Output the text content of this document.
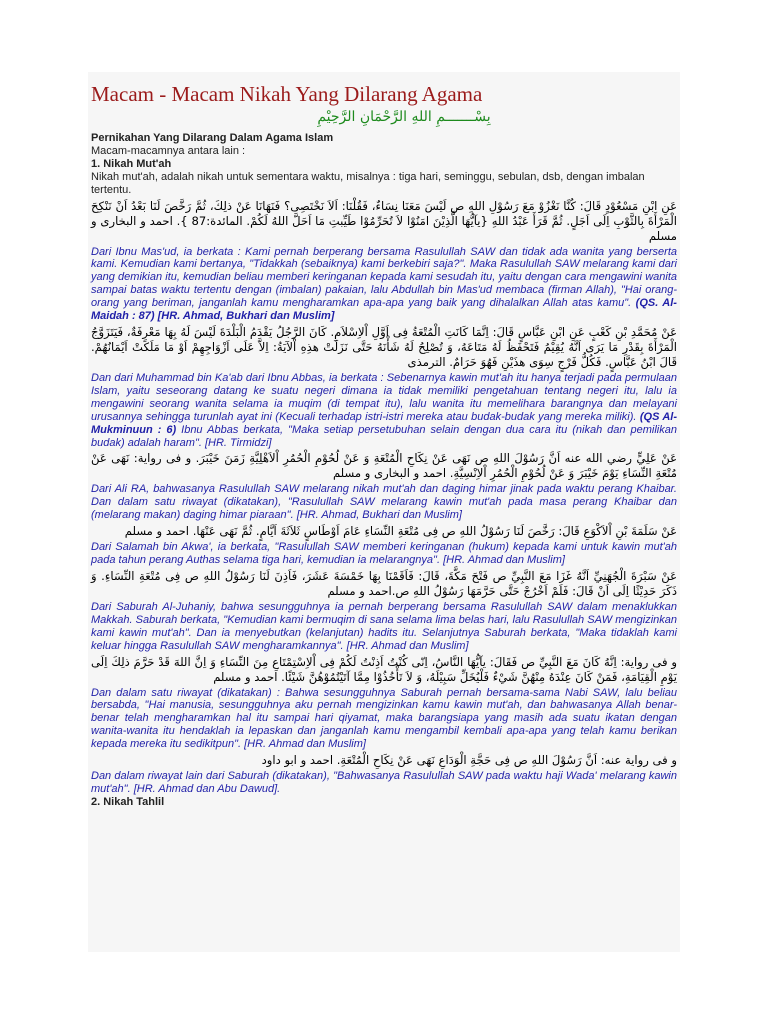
Macam - Macam Nikah Yang Dilarang Agama
بِسْـــــــمِ اللهِ الرَّحْمَانِ الرَّحِيْمِ
Pernikahan Yang Dilarang Dalam Agama Islam
Macam-macamnya antara lain :
1. Nikah Mut'ah
Nikah mut'ah, adalah nikah untuk sementara waktu, misalnya : tiga hari, seminggu, sebulan, dsb, dengan imbalan tertentu.
عَنِ ابْنِ مَسْعُوْدٍ قَالَ: كُنَّا نَغْزُوْ مَعَ رَسُوْلِ اللهِ ص لَيْسَ مَعَنَا نِسَاءٌ، فَقُلْنَا: اَلاَ نَخْتَصِى؟ فَنَهَانَا عَنْ ذلِكَ، ثُمَّ رَخَّصَ لَنَا بَعْدُ اَنْ نَنْكِحَ الْمَرْأَةَ بِالثَّوْبِ اِلَى اَجَلٍ. ثُمَّ قَرَأَ عَبْدُ اللهِ {يآيُّهَا الَّذِيْنَ امَنُوْا لاَ تُحَرِّمُوْا طَيِّبتِ مَا اَحَلَّ اللهُ لَكُمْ. المائدة:87 }. احمد و البخارى و مسلم
Dari Ibnu Mas'ud, ia berkata : Kami pernah berperang bersama Rasulullah SAW dan tidak ada wanita yang berserta kami. Kemudian kami bertanya, "Tidakkah (sebaiknya) kami berkebiri saja?". Maka Rasulullah SAW melarang kami dari yang demikian itu, kemudian beliau memberi keringanan kepada kami sesudah itu, yaitu dengan cara mengawini wanita sampai batas waktu tertentu dengan (imbalan) pakaian, lalu Abdullah bin Mas'ud membaca (firman Allah), "Hai orang-orang yang beriman, janganlah kamu mengharamkan apa-apa yang baik yang dihalalkan Allah atas kamu". (QS. Al-Maidah : 87) [HR. Ahmad, Bukhari dan Muslim]
عَنْ مُحَمَّدِ بْنِ كَعْبٍ عَنِ ابْنِ عَبَّاسٍ قَالَ: اِنَّمَا كَانَتِ الْمُتْعَةُ فِى اَوَّلِ اْلاِسْلاَمِ. كَانَ الرَّجُلُ يَقْدَمُ الْبَلْدَةَ لَيْسَ لَهُ بِهَا مَعْرِفَةٌ، فَيَتَزَوَّجُ الْمَرْأَةَ بِقَدْرِ مَا يَرَى اَنَّهُ يُقِيْمُ فَتَحْفَظُ لَهُ مَتَاعَهُ، وَ تُصْلِحُ لَهُ شَأْنَهُ حَتَّى نَزَلَتْ هذِهِ اْلآيَةُ: اِلاَّ عَلَى اَزْوَاجِهِمْ اَوْ مَا مَلَكَتْ اَيْمَانُهُمْ. قَالَ ابْنُ عَبَّاسٍ. فَكُلُّ فَرْجٍ سِوَى هذَيْنِ فَهُوَ حَرَامٌ. الترمذى
Dan dari Muhammad bin Ka'ab dari Ibnu Abbas, ia berkata : Sebenarnya kawin mut'ah itu hanya terjadi pada permulaan Islam, yaitu seseorang datang ke suatu negeri dimana ia tidak memiliki pengetahuan tentang negeri itu, lalu ia mengawini seorang wanita selama ia muqim (di tempat itu), lalu wanita itu memelihara barangnya dan melayani urusannya sehingga turunlah ayat ini (Kecuali terhadap istri-istri mereka atau budak-budak yang mereka miliki). (QS Al-Mukminuun : 6) Ibnu Abbas berkata, "Maka setiap persetubuhan selain dengan dua cara itu (nikah dan pemilikan budak) adalah haram". [HR. Tirmidzi]
عَنْ عَلِيٍّ رضي الله عنه اَنَّ رَسُوْلَ اللهِ ص نَهَى عَنْ نِكَاحِ الْمُتْعَةِ وَ عَنْ لُحُوْمِ الْحُمُرِ اْلاَهْلِيَّةِ زَمَنَ خَيْبَرَ. و فى رواية: نَهَى عَنْ مُتْعَةِ النِّسَاءِ يَوْمَ خَيْبَرَ وَ عَنْ لُحُوْمِ الْحُمُرِ اْلاِنْسِيَّةِ. احمد و البخارى و مسلم
Dari Ali RA, bahwasanya Rasulullah SAW melarang nikah mut'ah dan daging himar jinak pada waktu perang Khaibar. Dan dalam satu riwayat (dikatakan), "Rasulullah SAW melarang kawin mut'ah pada masa perang Khaibar dan (melarang makan) daging himar piaraan". [HR. Ahmad, Bukhari dan Muslim]
عَنْ سَلَمَةَ بْنِ اْلاَكْوَعِ قَالَ: رَخَّصَ لَنَا رَسُوْلُ اللهِ ص فِى مُتْعَةِ النِّسَاءِ عَامَ اَوْطَاسٍ ثَلاَثَةَ اَيَّامٍ. ثُمَّ نَهَى عَنْهَا. احمد و مسلم
Dari Salamah bin Akwa', ia berkata, "Rasulullah SAW memberi keringanan (hukum) kepada kami untuk kawin mut'ah pada tahun perang Authas selama tiga hari, kemudian ia melarangnya". [HR. Ahmad dan Muslim]
عَنْ سَبْرَةَ الْجُهَنِيِّ اَنَّهُ غَزَا مَعَ النَّبِيِّ ص فَتْحَ مَكَّةَ، قَالَ: فَاَقَمْنَا بِهَا خَمْسَةَ عَشَرَ، فَاَذِنَ لَنَا رَسُوْلُ اللهِ ص فِى مُتْعَةِ النِّسَاءِ. وَ ذَكَرَ حَدِيْثًا اِلَى اَنْ قَالَ: فَلَمْ اَخْرُجْ حَتَّى حَرَّمَهَا رَسُوْلُ اللهِ ص.احمد و مسلم
Dari Saburah Al-Juhaniy, bahwa sesungguhnya ia pernah berperang bersama Rasulullah SAW dalam menaklukkan Makkah. Saburah berkata, "Kemudian kami bermuqim di sana selama lima belas hari, lalu Rasulullah SAW mengizinkan kami kawin mut'ah". Dan ia menyebutkan (kelanjutan) hadits itu. Selanjutnya Saburah berkata, "Maka tidaklah kami keluar hingga Rasulullah SAW mengharamkannya". [HR. Ahmad dan Muslim]
و فى رواية: اِنَّهُ كَانَ مَعَ النَّبِيِّ ص فَقَالَ: يآيُّهَا النَّاسُ، اِنّى كُنْتُ اَذِنْتُ لَكُمْ فِى اْلاِسْتِمْتَاعِ مِنَ النِّسَاءِ وَ اِنَّ اللهَ قَدْ حَرَّمَ ذلِكَ اِلَى يَوْمِ الْقِيَامَةِ، فَمَنْ كَانَ عِنْدَهُ مِنْهُنَّ شَيْءٌ فَلْيُخَلِّ سَبِيْلَهُ، وَ لاَ تَأْخُذُوْا مِمَّا آتَيْتُمُوْهُنَّ شَيْئًا. احمد و مسلم
Dan dalam satu riwayat (dikatakan) : Bahwa sesungguhnya Saburah pernah bersama-sama Nabi SAW, lalu beliau bersabda, "Hai manusia, sesungguhnya aku pernah mengizinkan kamu kawin mut'ah, dan bahwasanya Allah benar-benar telah mengharamkan hal itu sampai hari qiyamat, maka barangsiapa yang masih ada suatu ikatan dengan wanita-wanita itu hendaklah ia lepaskan dan janganlah kamu mengambil kembali apa-apa yang telah kamu berikan kepada mereka itu sedikitpun". [HR. Ahmad dan Muslim]
و فى رواية عنه: اَنَّ رَسُوْلَ اللهِ ص فِى حَجَّةِ الْوَدَاعِ نَهَى عَنْ نِكَاحِ الْمُتْعَةِ. احمد و ابو داود
Dan dalam riwayat lain dari Saburah (dikatakan), "Bahwasanya Rasulullah SAW pada waktu haji Wada' melarang kawin mut'ah". [HR. Ahmad dan Abu Dawud].
2. Nikah Tahlil
